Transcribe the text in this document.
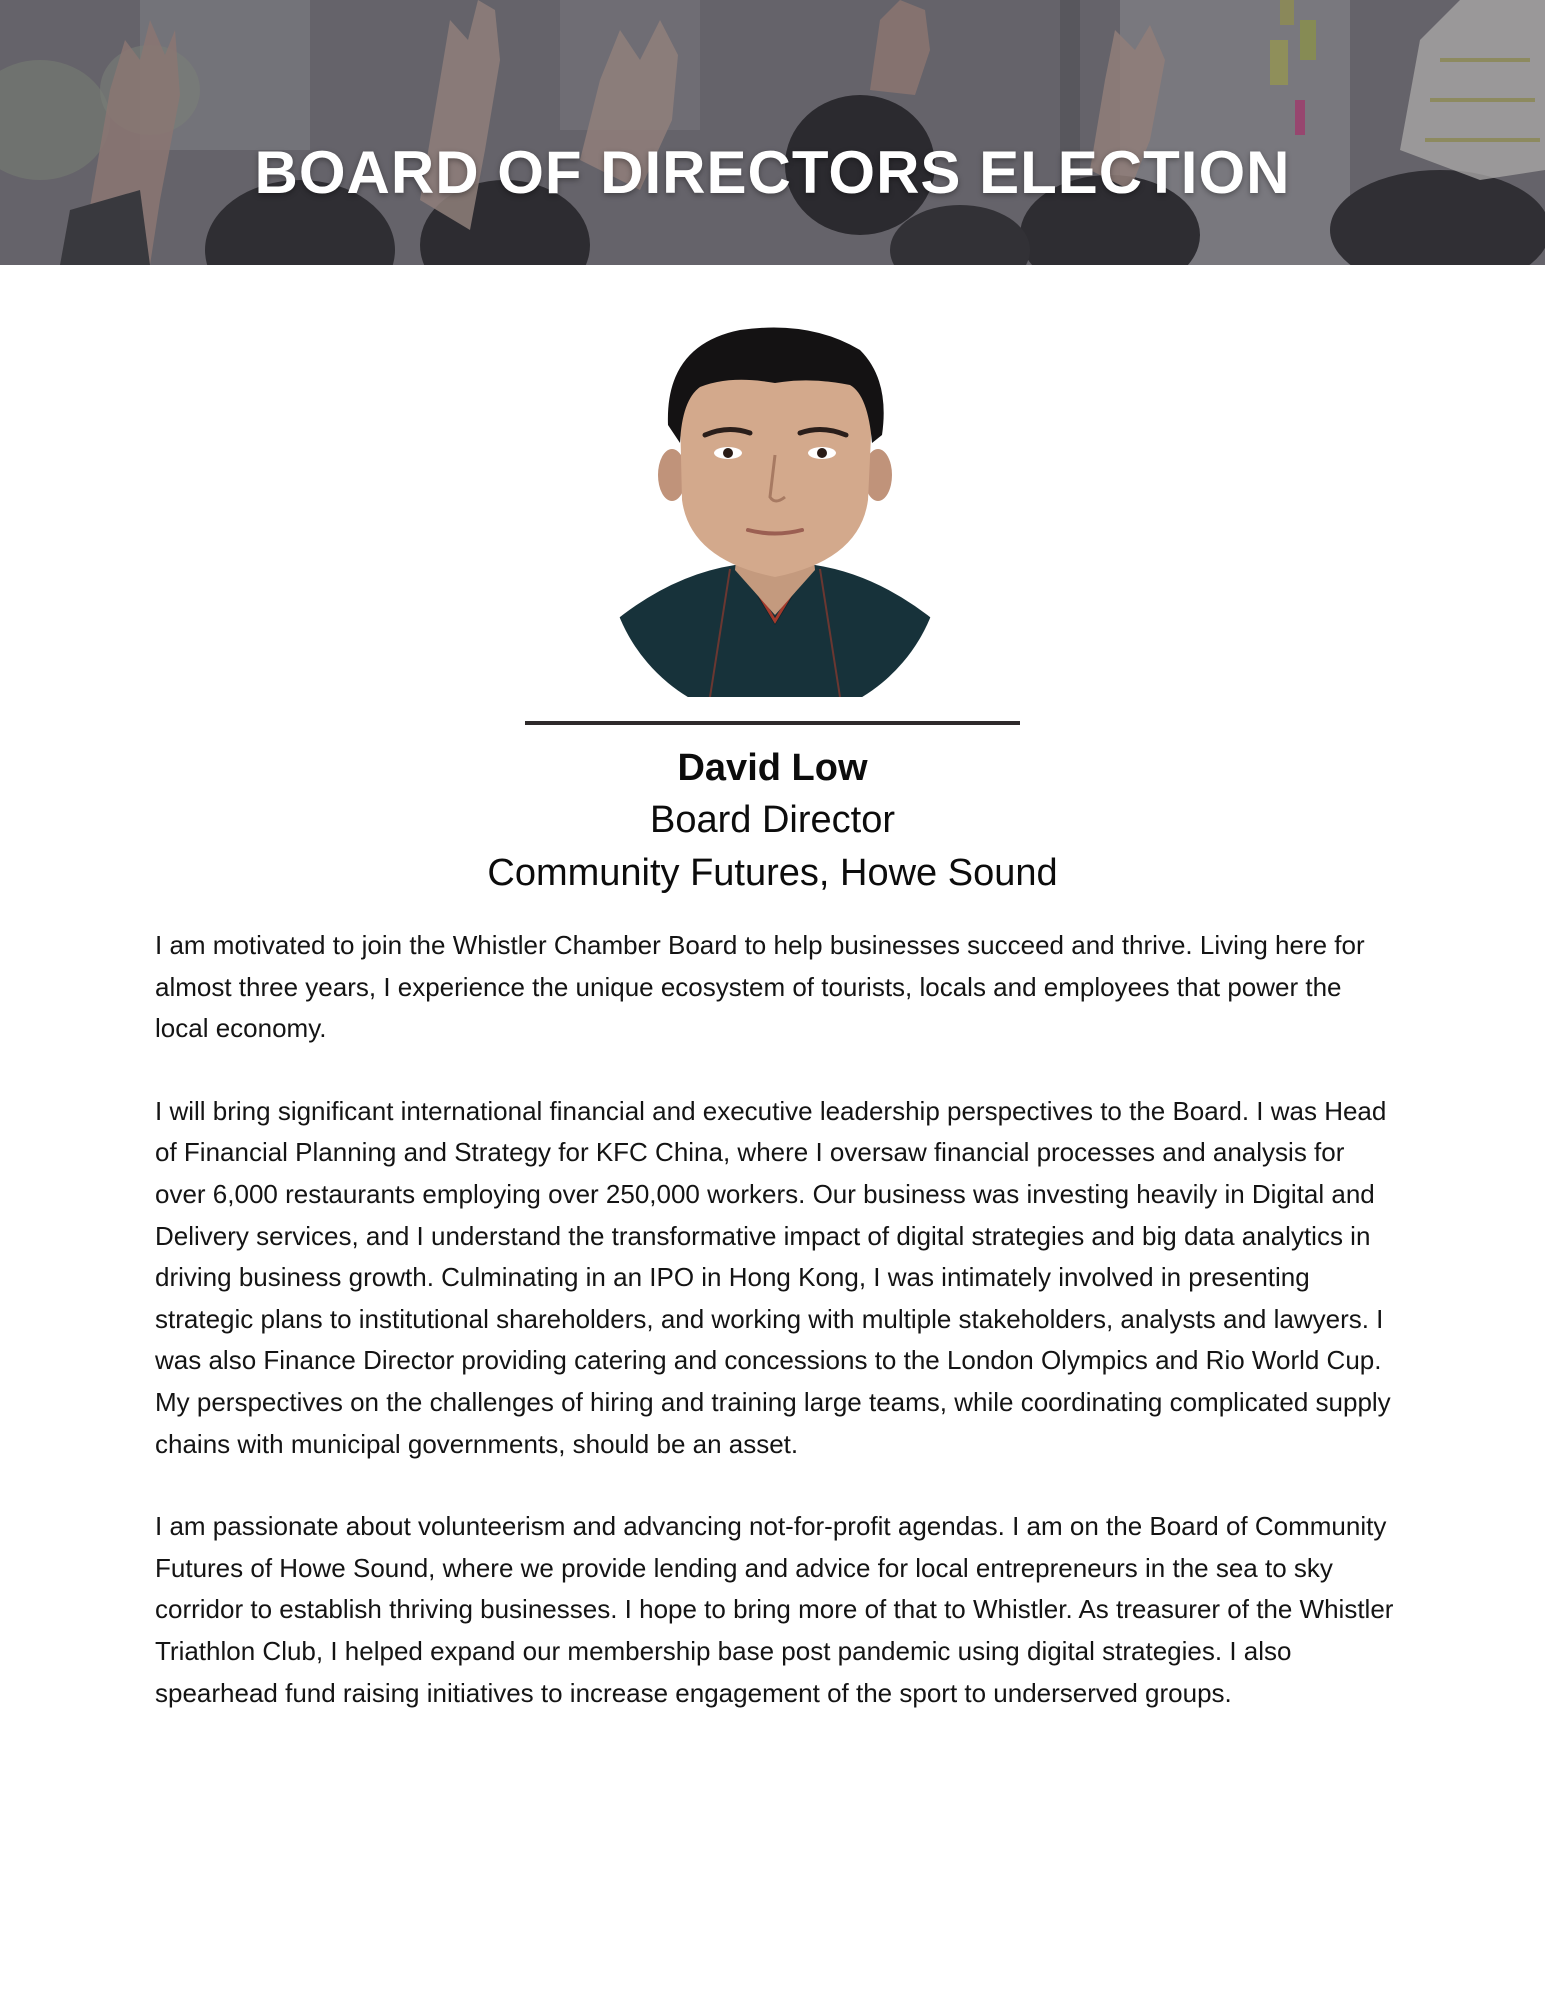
BOARD OF DIRECTORS ELECTION

David Low

Board Director

Community Futures, Howe Sound

I am motivated to join the Whistler Chamber Board to help businesses succeed and thrive. Living here for almost three years, I experience the unique ecosystem of tourists, locals and employees that power the local economy.

I will bring significant international financial and executive leadership perspectives to the Board. I was Head of Financial Planning and Strategy for KFC China, where I oversaw financial processes and analysis for over 6,000 restaurants employing over 250,000 workers. Our business was investing heavily in Digital and Delivery services, and I understand the transformative impact of digital strategies and big data analytics in driving business growth. Culminating in an IPO in Hong Kong, I was intimately involved in presenting strategic plans to institutional shareholders, and working with multiple stakeholders, analysts and lawyers. I was also Finance Director providing catering and concessions to the London Olympics and Rio World Cup. My perspectives on the challenges of hiring and training large teams, while coordinating complicated supply chains with municipal governments, should be an asset.

I am passionate about volunteerism and advancing not-for-profit agendas. I am on the Board of Community Futures of Howe Sound, where we provide lending and advice for local entrepreneurs in the sea to sky corridor to establish thriving businesses. I hope to bring more of that to Whistler. As treasurer of the Whistler Triathlon Club, I helped expand our membership base post pandemic using digital strategies. I also spearhead fund raising initiatives to increase engagement of the sport to underserved groups.
